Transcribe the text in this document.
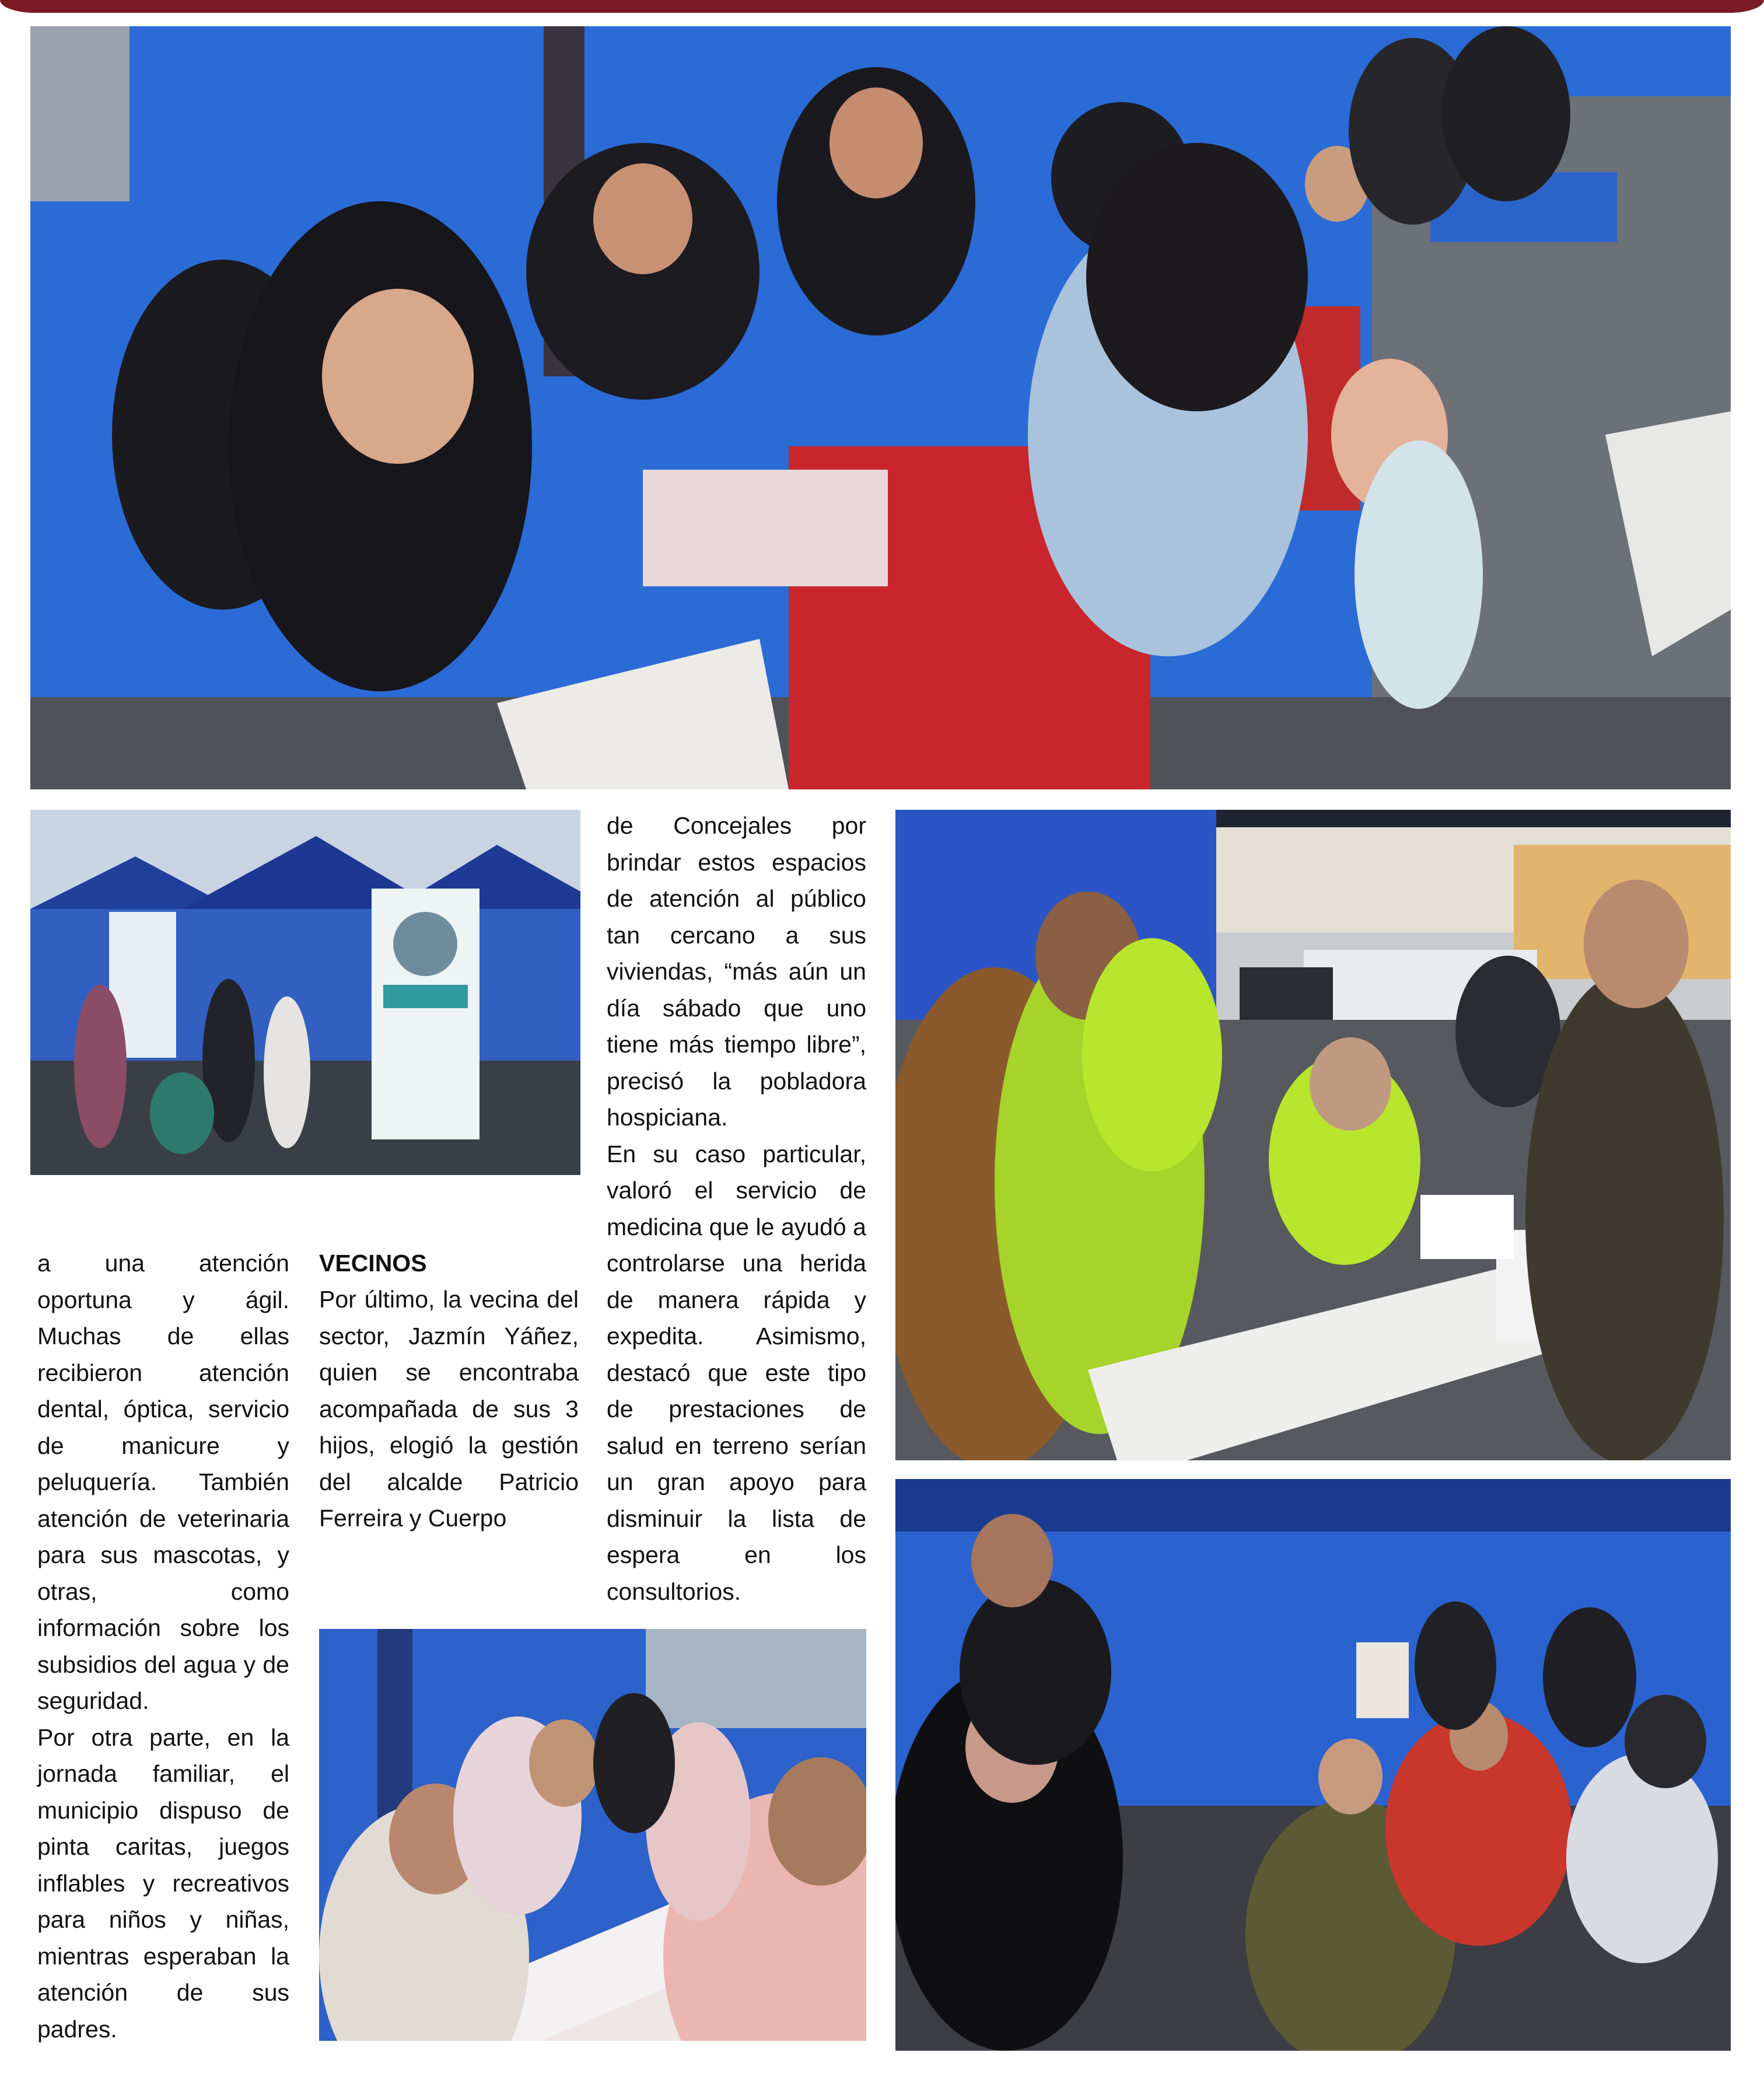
a una atención oportuna y ágil. Muchas de ellas recibieron atención dental, óptica, servicio de manicure y peluquería. También atención de veterinaria para sus mascotas, y otras, como información sobre los subsidios del agua y de seguridad.

Por otra parte, en la jornada familiar, el municipio dispuso de pinta caritas, juegos inflables y recreativos para niños y niñas, mientras esperaban la atención de sus padres.

VECINOS

Por último, la vecina del sector, Jazmín Yáñez, quien se encontraba acompañada de sus 3 hijos, elogió la gestión del alcalde Patricio Ferreira y Cuerpo

de Concejales por brindar estos espacios de atención al público tan cercano a sus viviendas, “más aún un día sábado que uno tiene más tiempo libre”, precisó la pobladora hospiciana.

En su caso particular, valoró el servicio de medicina que le ayudó a controlarse una herida de manera rápida y expedita. Asimismo, destacó que este tipo de prestaciones de salud en terreno serían un gran apoyo para disminuir la lista de espera en los consultorios.
